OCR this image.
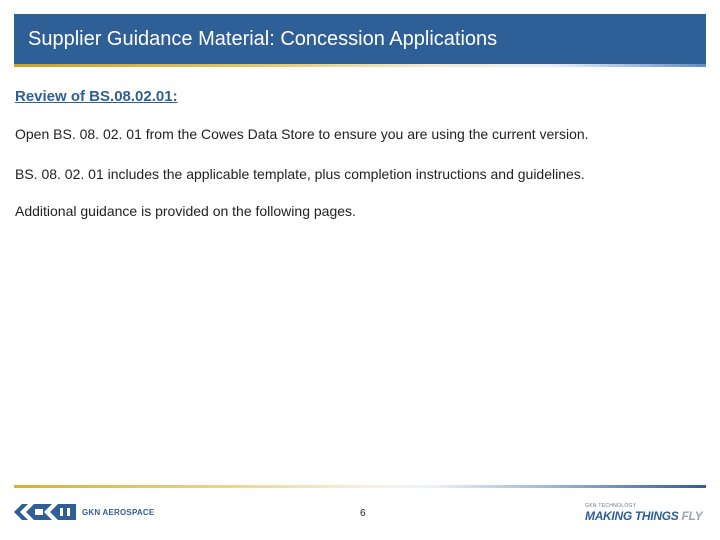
Supplier Guidance Material: Concession Applications
Review of BS.08.02.01:
Open BS. 08. 02. 01 from the Cowes Data Store to ensure you are using the current version.
BS. 08. 02. 01 includes the applicable template, plus completion instructions and guidelines.
Additional guidance is provided on the following pages.
GKN AEROSPACE	6
GKN TECHNOLOGY
MAKING THINGS FLY
